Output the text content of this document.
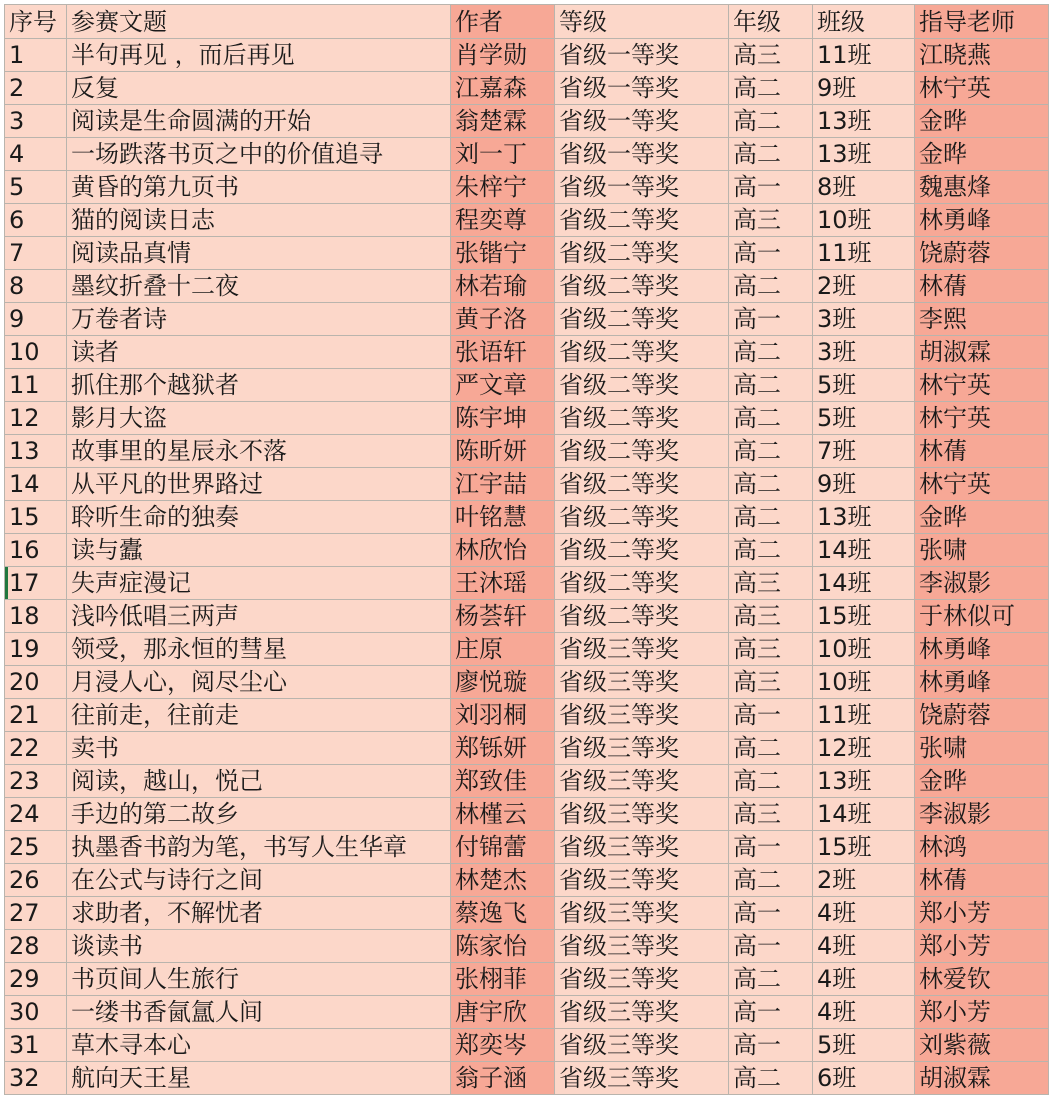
序号	参赛文题	作者	等级	年级	班级	指导老师
1	半句再见 ，而后再见	肖学勋	省级一等奖	高三	11班	江晓燕
2	反复	江嘉森	省级一等奖	高二	9班	林宁英
3	阅读是生命圆满的开始	翁楚霖	省级一等奖	高二	13班	金晔
4	一场跌落书页之中的价值追寻	刘一丁	省级一等奖	高二	13班	金晔
5	黄昏的第九页书	朱梓宁	省级一等奖	高一	8班	魏惠烽
6	猫的阅读日志	程奕尊	省级二等奖	高三	10班	林勇峰
7	阅读品真情	张锴宁	省级二等奖	高一	11班	饶蔚蓉
8	墨纹折叠十二夜	林若瑜	省级二等奖	高二	2班	林蒨
9	万卷者诗	黄子洛	省级二等奖	高一	3班	李熙
10	读者	张语轩	省级二等奖	高二	3班	胡淑霖
11	抓住那个越狱者	严文章	省级二等奖	高二	5班	林宁英
12	影月大盗	陈宇坤	省级二等奖	高二	5班	林宁英
13	故事里的星辰永不落	陈昕妍	省级二等奖	高二	7班	林蒨
14	从平凡的世界路过	江宇喆	省级二等奖	高二	9班	林宁英
15	聆听生命的独奏	叶铭慧	省级二等奖	高二	13班	金晔
16	读与蠹	林欣怡	省级二等奖	高二	14班	张啸
17	失声症漫记	王沐瑶	省级二等奖	高三	14班	李淑影
18	浅吟低唱三两声	杨荟轩	省级二等奖	高三	15班	于林似可
19	领受，那永恒的彗星	庄原	省级三等奖	高三	10班	林勇峰
20	月浸人心，阅尽尘心	廖悦璇	省级三等奖	高三	10班	林勇峰
21	往前走，往前走	刘羽桐	省级三等奖	高一	11班	饶蔚蓉
22	卖书	郑铄妍	省级三等奖	高二	12班	张啸
23	阅读，越山，悦己	郑致佳	省级三等奖	高二	13班	金晔
24	手边的第二故乡	林槿云	省级三等奖	高三	14班	李淑影
25	执墨香书韵为笔，书写人生华章	付锦蕾	省级三等奖	高一	15班	林鸿
26	在公式与诗行之间	林楚杰	省级三等奖	高二	2班	林蒨
27	求助者，不解忧者	蔡逸飞	省级三等奖	高一	4班	郑小芳
28	谈读书	陈家怡	省级三等奖	高一	4班	郑小芳
29	书页间人生旅行	张栩菲	省级三等奖	高二	4班	林爱钦
30	一缕书香氤氲人间	唐宇欣	省级三等奖	高一	4班	郑小芳
31	草木寻本心	郑奕岑	省级三等奖	高一	5班	刘紫薇
32	航向天王星	翁子涵	省级三等奖	高二	6班	胡淑霖
